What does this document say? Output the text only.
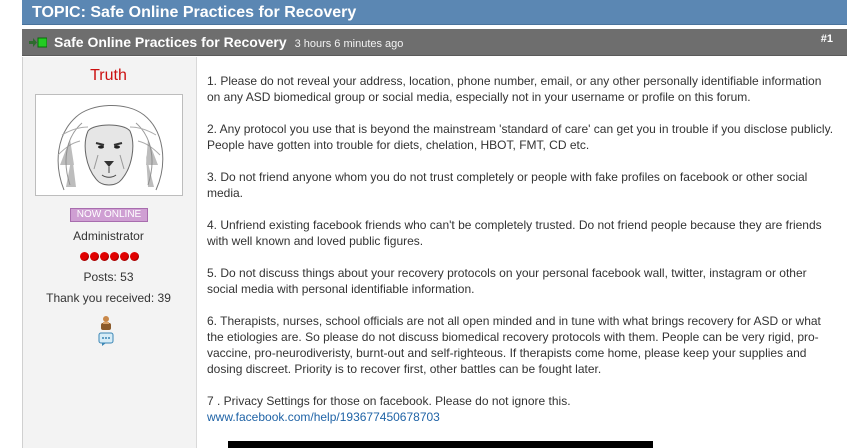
TOPIC: Safe Online Practices for Recovery
Safe Online Practices for Recovery 3 hours 6 minutes ago	#1
Truth
NOW ONLINE
Administrator
Posts: 53
Thank you received: 39

1. Please do not reveal your address, location, phone number, email, or any other personally identifiable information on any ASD biomedical group or social media, especially not in your username or profile on this forum.

2. Any protocol you use that is beyond the mainstream 'standard of care' can get you in trouble if you disclose publicly. People have gotten into trouble for diets, chelation, HBOT, FMT, CD etc.

3. Do not friend anyone whom you do not trust completely or people with fake profiles on facebook or other social media.

4. Unfriend existing facebook friends who can't be completely trusted. Do not friend people because they are friends with well known and loved public figures.

5. Do not discuss things about your recovery protocols on your personal facebook wall, twitter, instagram or other social media with personal identifiable information.

6. Therapists, nurses, school officials are not all open minded and in tune with what brings recovery for ASD or what the etiologies are. So please do not discuss biomedical recovery protocols with them. People can be very rigid, pro-vaccine, pro-neurodiveristy, burnt-out and self-righteous. If therapists come home, please keep your supplies and dosing discreet. Priority is to recover first, other battles can be fought later.

7 . Privacy Settings for those on facebook. Please do not ignore this.
www.facebook.com/help/193677450678703
